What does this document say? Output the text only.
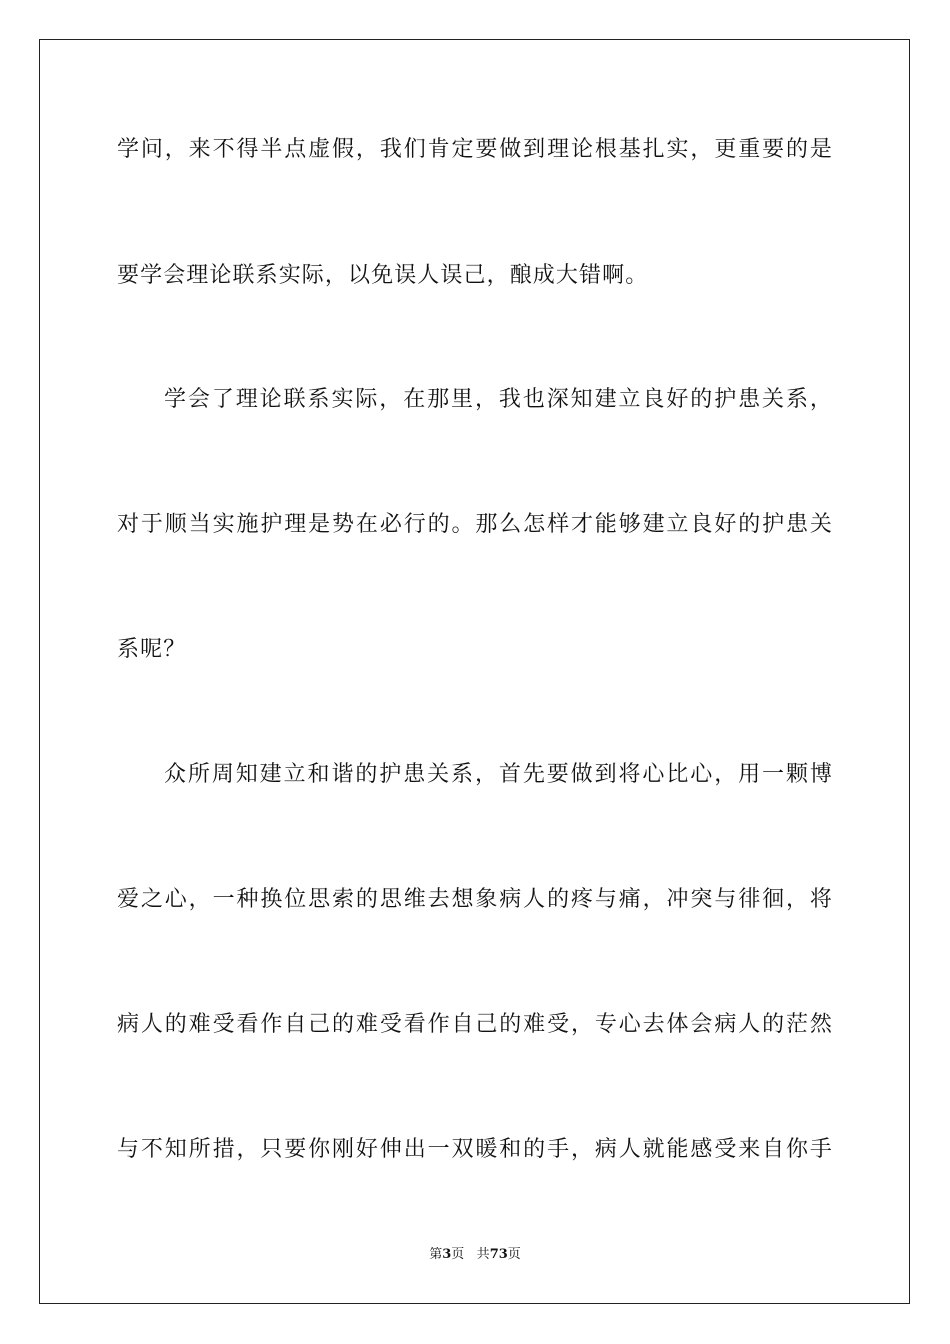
学问，来不得半点虚假，我们肯定要做到理论根基扎实，更重要的是
要学会理论联系实际，以免误人误己，酿成大错啊。
学会了理论联系实际，在那里，我也深知建立良好的护患关系，
对于顺当实施护理是势在必行的。那么怎样才能够建立良好的护患关
系呢？
众所周知建立和谐的护患关系，首先要做到将心比心，用一颗博
爱之心，一种换位思索的思维去想象病人的疼与痛，冲突与徘徊，将
病人的难受看作自己的难受看作自己的难受，专心去体会病人的茫然
与不知所措，只要你刚好伸出一双暖和的手，病人就能感受来自你手
第3页 共73页
